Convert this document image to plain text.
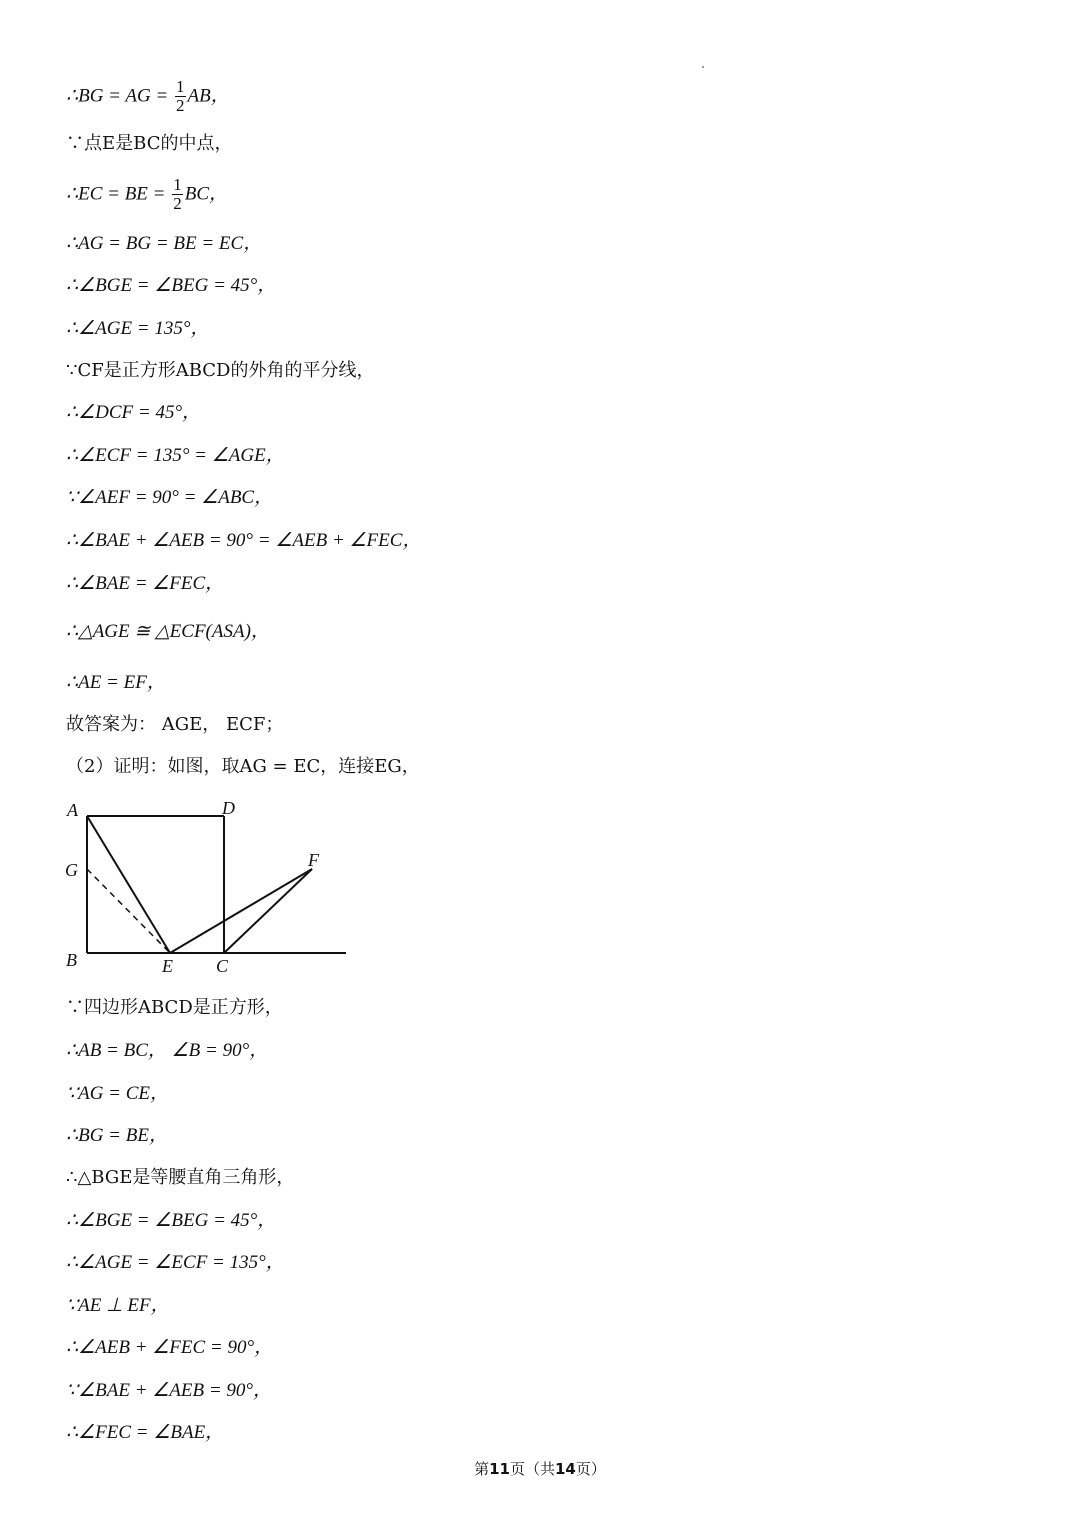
∴BG = AG = $\frac{1}{2}$ AB，
∵点E是BC的中点，
∴EC = BE = $\frac{1}{2}$ BC，
∴AG = BG = BE = EC，
∴∠BGE = ∠BEG = 45°，
∴∠AGE = 135°，
∵CF是正方形ABCD的外角的平分线，
∴∠DCF = 45°，
∴∠ECF = 135° = ∠AGE，
∵∠AEF = 90° = ∠ABC，
∴∠BAE + ∠AEB = 90° = ∠AEB + ∠FEC，
∴∠BAE = ∠FEC，
∴△AGE ≅ △ECF(ASA)，
∴AE = EF，
故答案为： AGE， ECF；
（2）证明：如图，取AG = EC，连接EG，
A	D
G	F
B	E C
∵四边形ABCD是正方形，
∴AB = BC， ∠B = 90°，
∵AG = CE，
∴BG = BE，
∴△BGE是等腰直角三角形，
∴∠BGE = ∠BEG = 45°，
∴∠AGE = ∠ECF = 135°，
∵AE ⊥ EF，
∴∠AEB + ∠FEC = 90°，
∵∠BAE + ∠AEB = 90°，
∴∠FEC = ∠BAE，
第11页（共14页）
